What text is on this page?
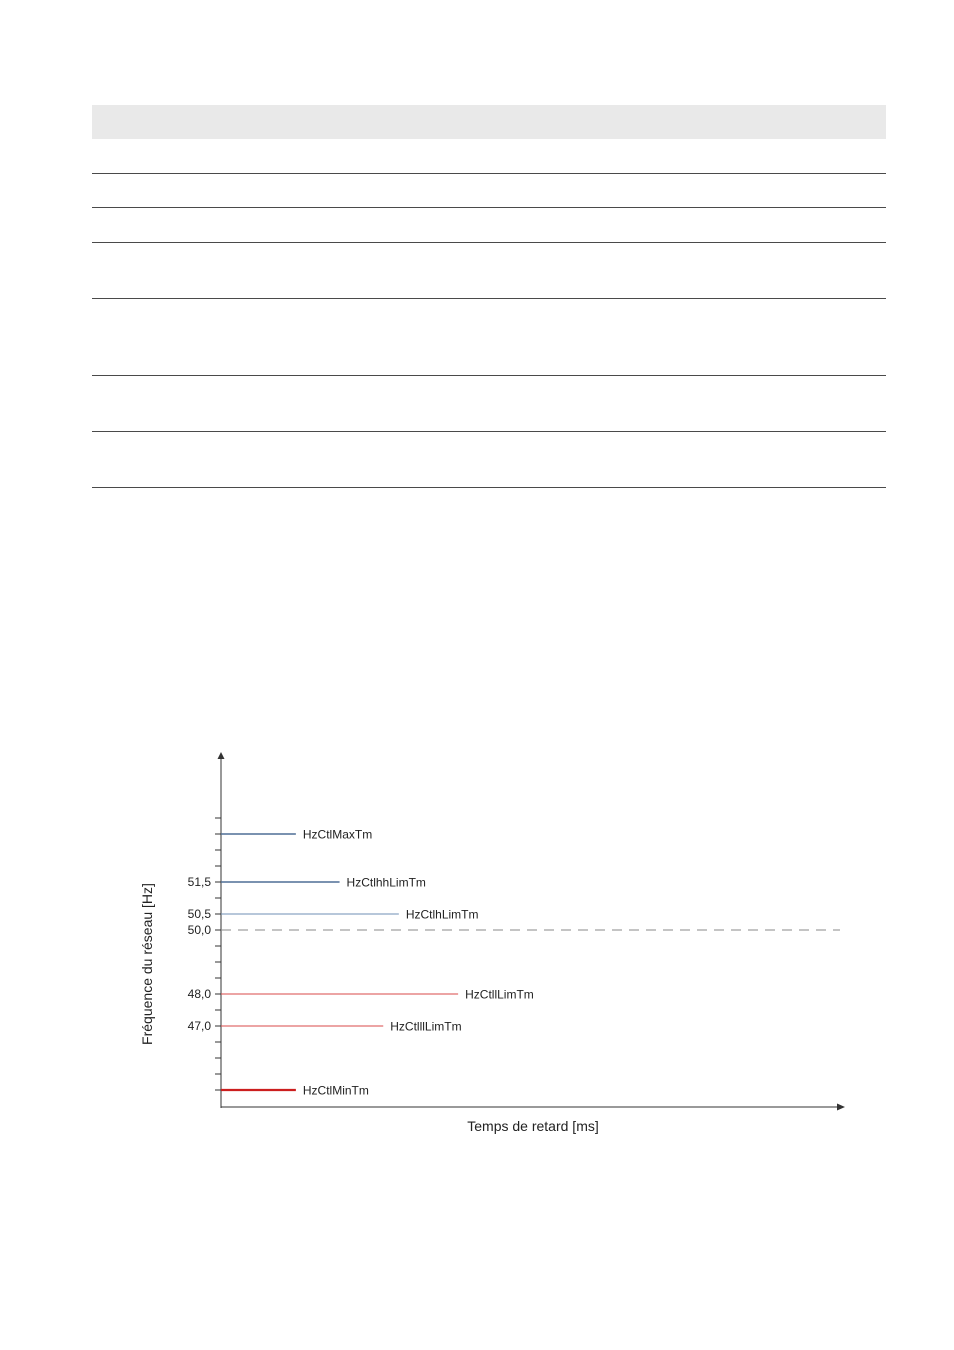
51,5
50,5
50,0
48,0
47,0
HzCtlMaxTm
HzCtlhhLimTm
HzCtlhLimTm
HzCtllLimTm
HzCtlllLimTm
HzCtlMinTm
Temps de retard [ms]
Fréquence du réseau [Hz]
